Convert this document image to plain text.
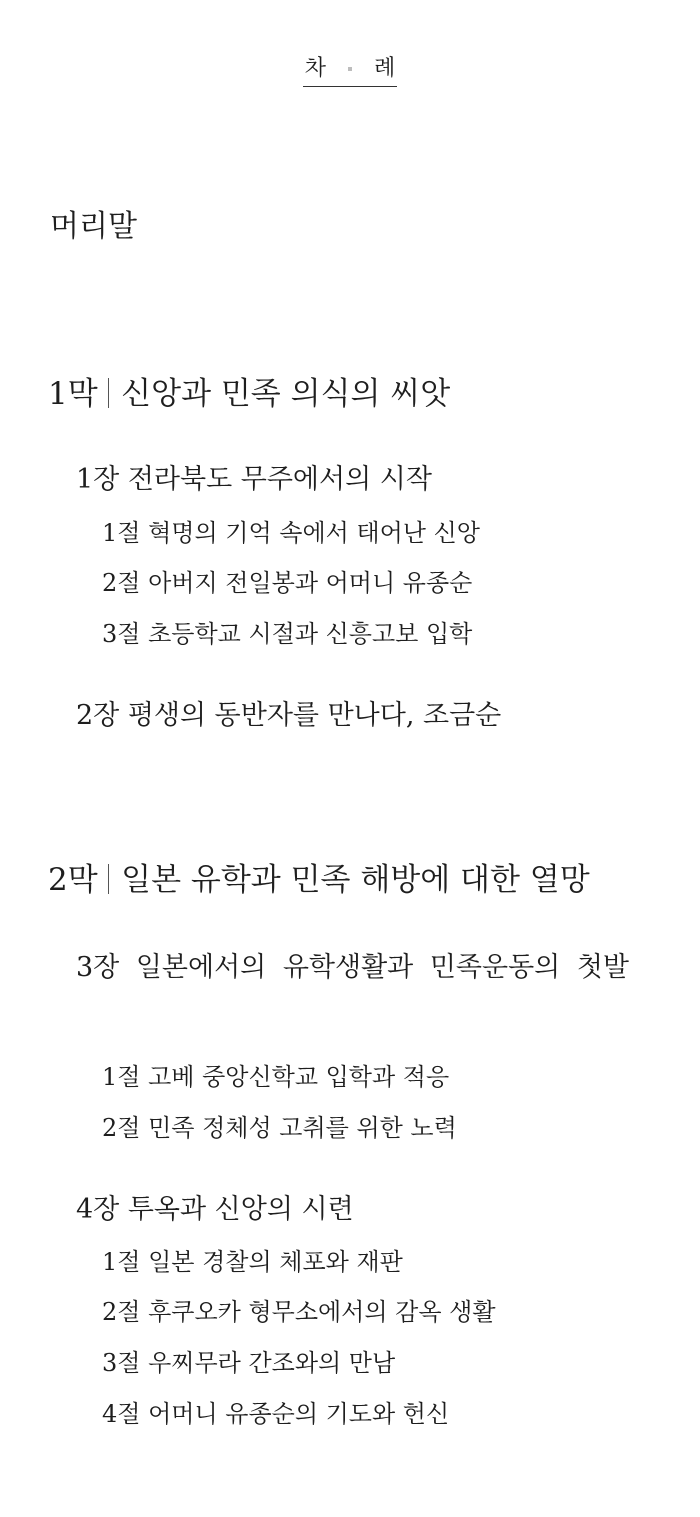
차 례
머리말
1막 신앙과 민족 의식의 씨앗
1장 전라북도 무주에서의 시작
1절 혁명의 기억 속에서 태어난 신앙
2절 아버지 전일봉과 어머니 유종순
3절 초등학교 시절과 신흥고보 입학
2장 평생의 동반자를 만나다, 조금순
2막 일본 유학과 민족 해방에 대한 열망
3장 일본에서의 유학생활과 민족운동의 첫발
1절 고베 중앙신학교 입학과 적응
2절 민족 정체성 고취를 위한 노력
4장 투옥과 신앙의 시련
1절 일본 경찰의 체포와 재판
2절 후쿠오카 형무소에서의 감옥 생활
3절 우찌무라 간조와의 만남
4절 어머니 유종순의 기도와 헌신
